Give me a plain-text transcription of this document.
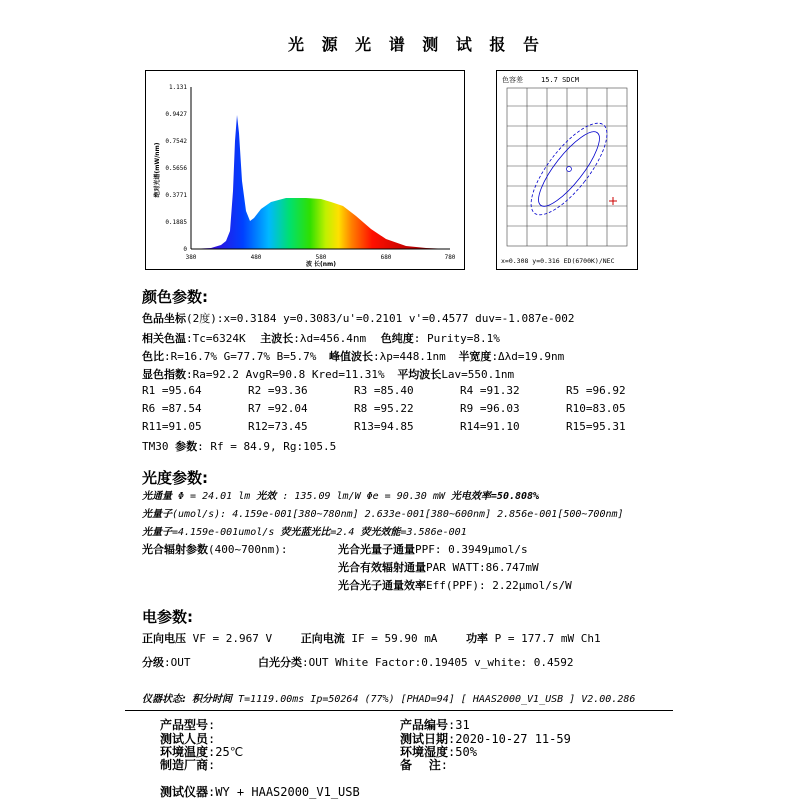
光 源 光 谱 测 试 报 告
1.131
0.9427
0.7542
0.5656
0.3771
0.1885
0
380	480	580	680	780
波 长(nm)
绝对光谱(mW/nm)
色容差	15.7 SDCM
x=0.308 y=0.316 ED(6700K)/NEC
颜色参数:
色品坐标(2度):x=0.3184 y=0.3083/u'=0.2101 v'=0.4577 duv=-1.087e-002
相关色温:Tc=6324K 主波长:λd=456.4nm 色纯度: Purity=8.1%
色比:R=16.7% G=77.7% B=5.7% 峰值波长:λp=448.1nm 半宽度:Δλd=19.9nm
显色指数:Ra=92.2 AvgR=90.8 Kred=11.31% 平均波长Lav=550.1nm
R1 =95.64	R2 =93.36	R3 =85.40	R4 =91.32	R5 =96.92
R6 =87.54	R7 =92.04	R8 =95.22	R9 =96.03	R10=83.05
R11=91.05	R12=73.45	R13=94.85	R14=91.10	R15=95.31
TM30 参数: Rf = 84.9, Rg:105.5
光度参数:
光通量 Φ = 24.01 lm 光效 : 135.09 lm/W Φe = 90.30 mW 光电效率=50.808%
光量子(umol/s): 4.159e-001[380~780nm] 2.633e-001[380~600nm] 2.856e-001[500~700nm]
光量子=4.159e-001umol/s 荧光蓝光比=2.4 荧光效能=3.586e-001
光合辐射参数(400~700nm):	光合光量子通量PPF: 0.3949μmol/s
光合有效辐射通量PAR WATT:86.747mW
光合光子通量效率Eff(PPF): 2.22μmol/s/W
电参数:
正向电压 VF = 2.967 V	正向电流 IF = 59.90 mA	功率 P = 177.7 mW Ch1
分级:OUT	白光分类:OUT White Factor:0.19405 v_white: 0.4592
仪器状态: 积分时间 T=1119.00ms Ip=50264 (77%) [PHAD=94] [ HAAS2000_V1_USB ] V2.00.286
产品型号:	产品编号:31
测试人员:	测试日期:2020-10-27 11-59
环境温度:25℃	环境湿度:50%
制造厂商:	备    注:
测试仪器:WY + HAAS2000_V1_USB
